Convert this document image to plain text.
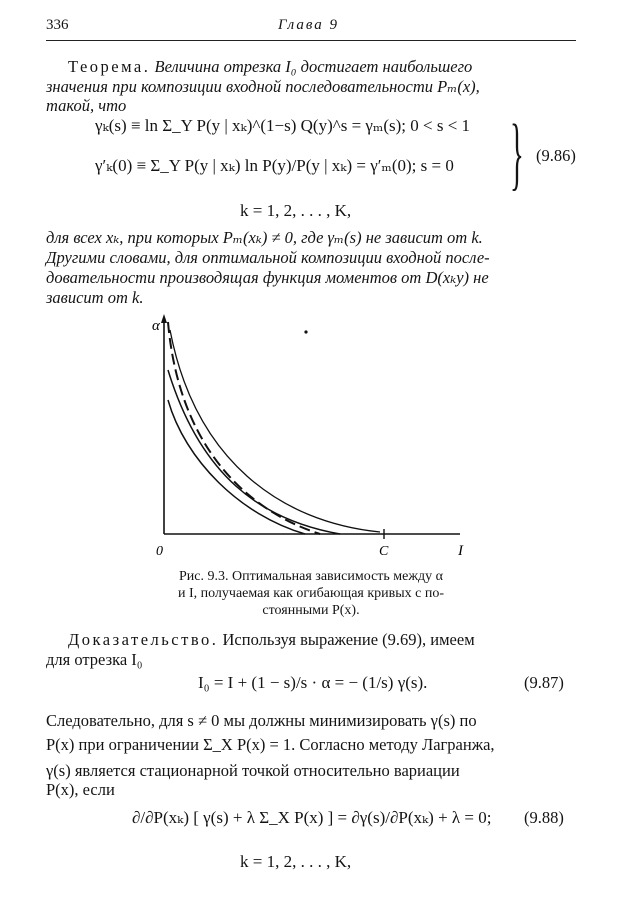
336	Глава 9
Теорема. Величина отрезка I₀ достигает наибольшего
значения при композиции входной последовательности Pₘ(x),
такой, что
γₖ(s) ≡ ln Σ_Y P(y | xₖ)^(1−s) Q(y)^s = γₘ(s); 0 < s < 1
γ′ₖ(0) ≡ Σ_Y P(y | xₖ) ln P(y)/P(y | xₖ) = γ′ₘ(0); s = 0
k = 1, 2, . . . , K,
} (9.86)
для всех xₖ, при которых Pₘ(xₖ) ≠ 0, где γₘ(s) не зависит от k.
Другими словами, для оптимальной композиции входной после-
довательности производящая функция моментов от D(xₖy) не
зависит от k.
α
0	C	I
Рис. 9.3. Оптимальная зависимость между α
и I, получаемая как огибающая кривых с по-
стоянными P(x).
Доказательство. Используя выражение (9.69), имеем
для отрезка I₀
I₀ = I + (1 − s)/s · α = − (1/s) γ(s).	(9.87)
Следовательно, для s ≠ 0 мы должны минимизировать γ(s) по
P(x) при ограничении Σ_X P(x) = 1. Согласно методу Лагранжа,
γ(s) является стационарной точкой относительно вариации
P(x), если
∂/∂P(xₖ) [ γ(s) + λ Σ_X P(x) ] = ∂γ(s)/∂P(xₖ) + λ = 0; (9.88)
k = 1, 2, . . . , K,
